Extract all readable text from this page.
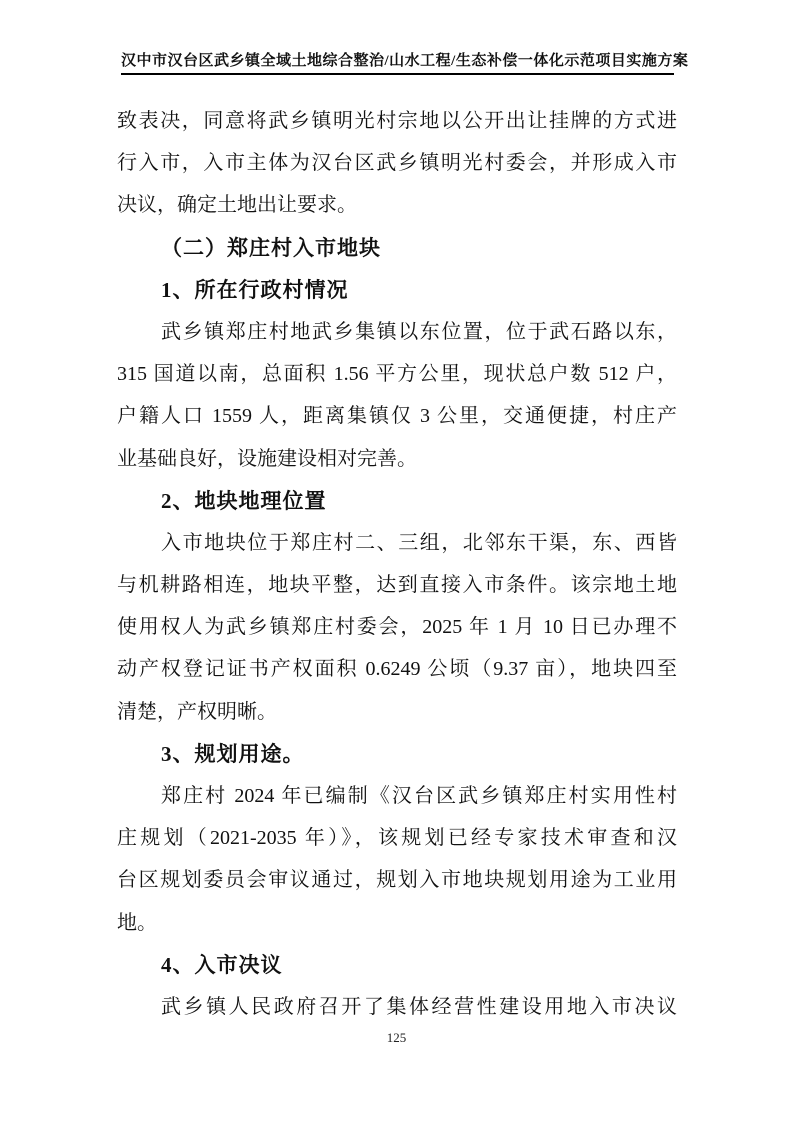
汉中市汉台区武乡镇全域土地综合整治/山水工程/生态补偿一体化示范项目实施方案
致表决，同意将武乡镇明光村宗地以公开出让挂牌的方式进
行入市，入市主体为汉台区武乡镇明光村委会，并形成入市
决议，确定土地出让要求。
（二）郑庄村入市地块
1、所在行政村情况
武乡镇郑庄村地武乡集镇以东位置，位于武石路以东，
315 国道以南，总面积 1.56 平方公里，现状总户数 512 户，
户籍人口 1559 人，距离集镇仅 3 公里，交通便捷，村庄产
业基础良好，设施建设相对完善。
2、地块地理位置
入市地块位于郑庄村二、三组，北邻东干渠，东、西皆
与机耕路相连，地块平整，达到直接入市条件。该宗地土地
使用权人为武乡镇郑庄村委会，2025 年 1 月 10 日已办理不
动产权登记证书产权面积 0.6249 公顷（9.37 亩），地块四至
清楚，产权明晰。
3、规划用途。
郑庄村 2024 年已编制《汉台区武乡镇郑庄村实用性村
庄规划（2021-2035 年）》，该规划已经专家技术审查和汉
台区规划委员会审议通过，规划入市地块规划用途为工业用
地。
4、入市决议
武乡镇人民政府召开了集体经营性建设用地入市决议
125
